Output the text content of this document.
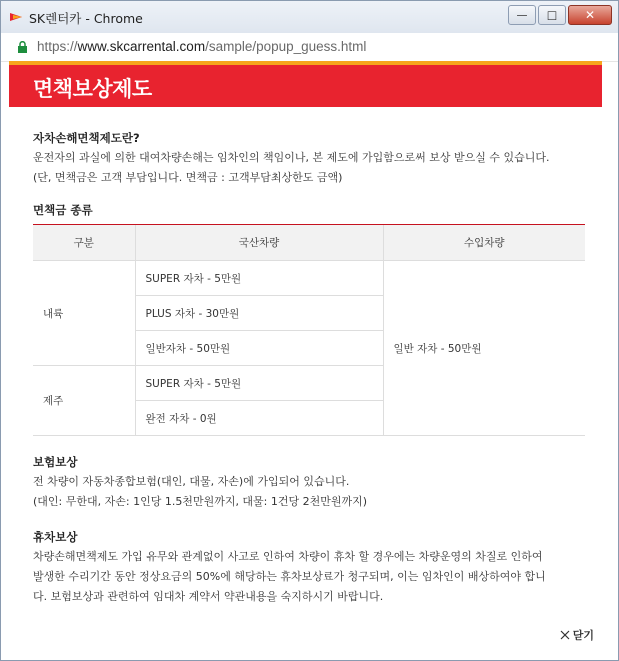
SK렌터카 - Chrome	— □ ✕
https://www.skcarrental.com/sample/popup_guess.html
면책보상제도
자차손해면책제도란?
운전자의 과실에 의한 대여차량손해는 임차인의 책임이나, 본 제도에 가입함으로써 보상 받으실 수 있습니다.
(단, 면책금은 고객 부담입니다. 면책금 : 고객부담최상한도 금액)
면책금 종류
구분	국산차량	수입차량
내륙	SUPER 자차 - 5만원	일반 자차 - 50만원
	PLUS 자차 - 30만원	
	일반자차 - 50만원	
제주	SUPER 자차 - 5만원	
	완전 자차 - 0원	
보험보상
전 차량이 자동차종합보험(대인, 대물, 자손)에 가입되어 있습니다.
(대인: 무한대, 자손: 1인당 1.5천만원까지, 대물: 1건당 2천만원까지)
휴차보상
차량손해면책제도 가입 유무와 관계없이 사고로 인하여 차량이 휴차 할 경우에는 차량운영의 차질로 인하여
발생한 수리기간 동안 정상요금의 50%에 해당하는 휴차보상료가 청구되며, 이는 임차인이 배상하여야 합니
다. 보험보상과 관련하여 임대차 계약서 약관내용을 숙지하시기 바랍니다.
닫기
